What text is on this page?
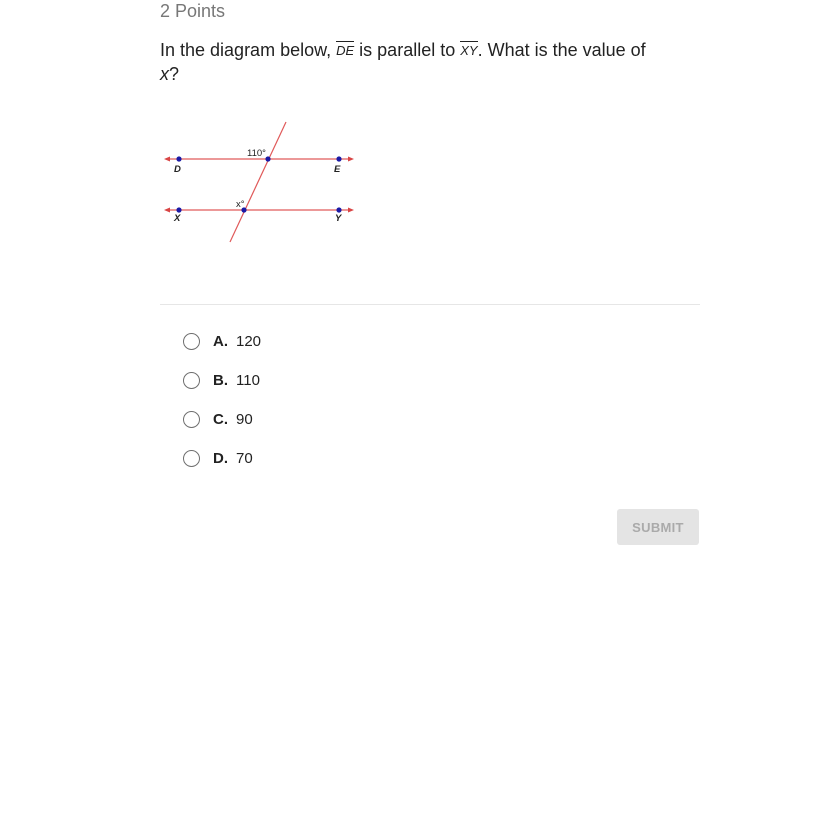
2 Points
In the diagram below, DE is parallel to XY. What is the value of
x?
110°
x°
D	E
X	Y
A. 120
B. 110
C. 90
D. 70
SUBMIT
